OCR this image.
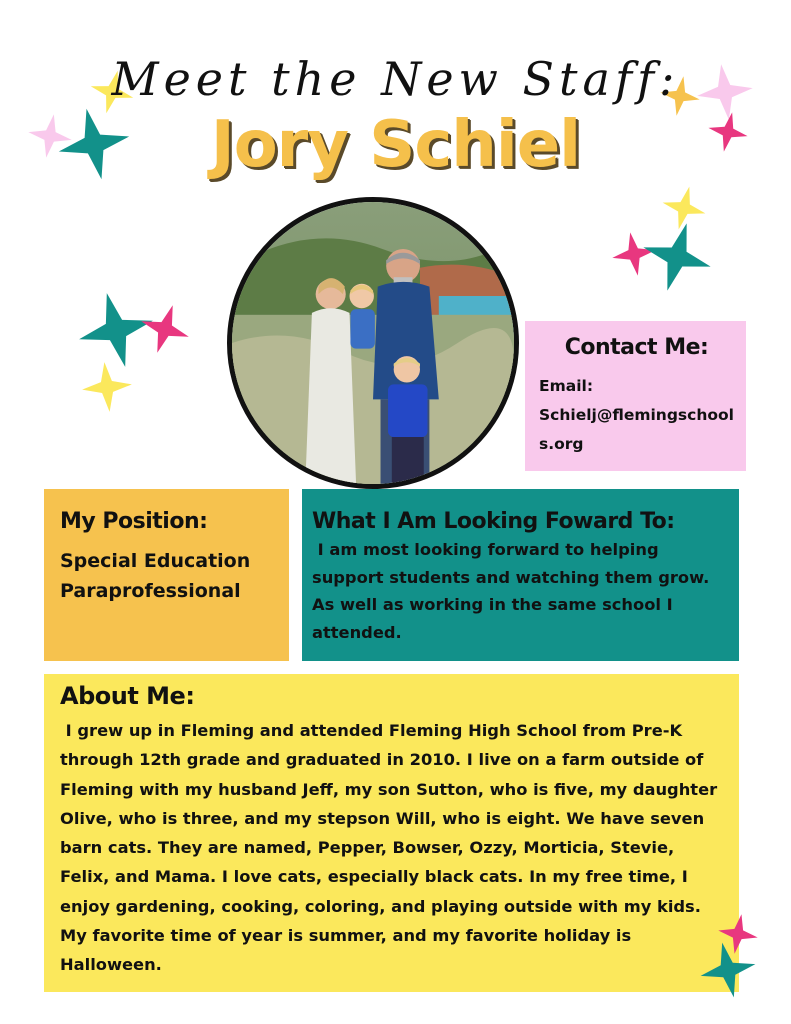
Meet the New Staff:
Jory Schiel
Contact Me:
Email:
Schielj@flemingschools.org
My Position:
Special Education
Paraprofessional
What I Am Looking Foward To:
I am most looking forward to helping support students and watching them grow. As well as working in the same school I attended.
About Me:
I grew up in Fleming and attended Fleming High School from Pre-K through 12th grade and graduated in 2010. I live on a farm outside of Fleming with my husband Jeff, my son Sutton, who is five, my daughter Olive, who is three, and my stepson Will, who is eight. We have seven barn cats. They are named, Pepper, Bowser, Ozzy, Morticia, Stevie, Felix, and Mama. I love cats, especially black cats. In my free time, I enjoy gardening, cooking, coloring, and playing outside with my kids. My favorite time of year is summer, and my favorite holiday is Halloween.
